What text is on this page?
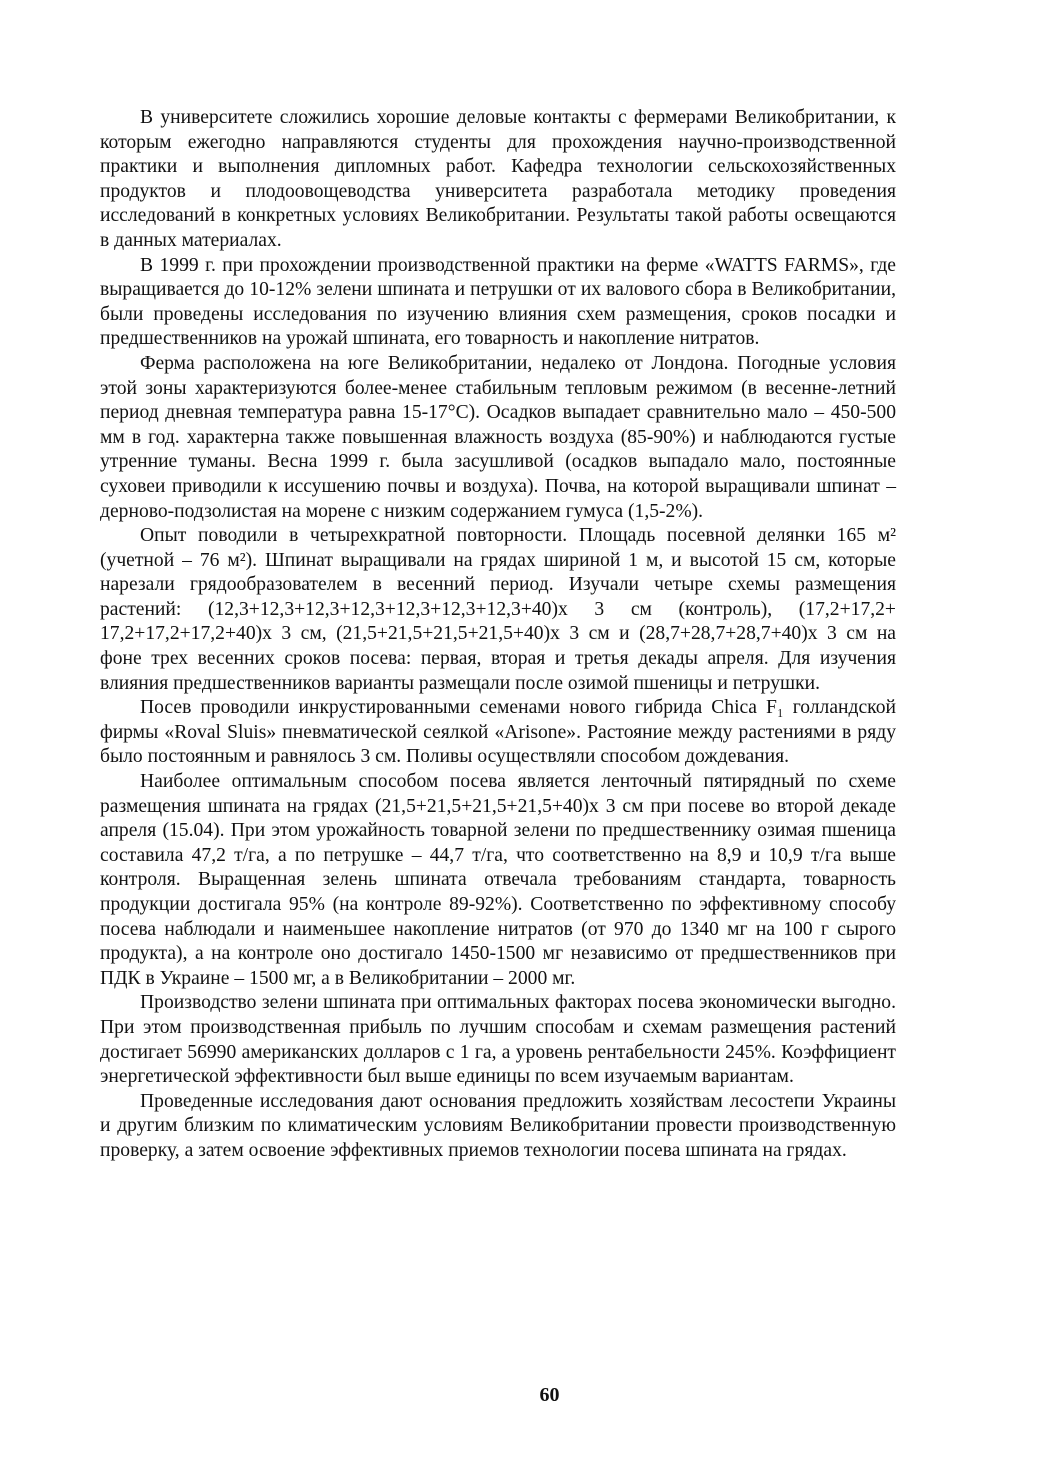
В университете сложились хорошие деловые контакты с фермерами Великобритании, к которым ежегодно направляются студенты для прохождения научно-производственной практики и выполнения дипломных работ. Кафедра технологии сельскохозяйственных продуктов и плодоовощеводства университета разработала методику проведения исследований в конкретных условиях Великобритании. Результаты такой работы освещаются в данных материалах.

В 1999 г. при прохождении производственной практики на ферме «WATTS FARMS», где выращивается до 10-12% зелени шпината и петрушки от их валового сбора в Великобритании, были проведены исследования по изучению влияния схем размещения, сроков посадки и предшественников на урожай шпината, его товарность и накопление нитратов.

Ферма расположена на юге Великобритании, недалеко от Лондона. Погодные условия этой зоны характеризуются более-менее стабильным тепловым режимом (в весенне-летний период дневная температура равна 15-17°С). Осадков выпадает сравнительно мало – 450-500 мм в год. характерна также повышенная влажность воздуха (85-90%) и наблюдаются густые утренние туманы. Весна 1999 г. была засушливой (осадков выпадало мало, постоянные суховеи приводили к иссушению почвы и воздуха). Почва, на которой выращивали шпинат – дерново-подзолистая на морене с низким содержанием гумуса (1,5-2%).

Опыт поводили в четырехкратной повторности. Площадь посевной делянки 165 м² (учетной – 76 м²). Шпинат выращивали на грядах шириной 1 м, и высотой 15 см, которые нарезали грядообразователем в весенний период. Изучали четыре схемы размещения растений: (12,3+12,3+12,3+12,3+12,3+12,3+12,3+40)х 3 см (контроль), (17,2+17,2+ 17,2+17,2+17,2+40)х 3 см, (21,5+21,5+21,5+21,5+40)х 3 см и (28,7+28,7+28,7+40)х 3 см на фоне трех весенних сроков посева: первая, вторая и третья декады апреля. Для изучения влияния предшественников варианты размещали после озимой пшеницы и петрушки.

Посев проводили инкрустированными семенами нового гибрида Chica F₁ голландской фирмы «Roval Sluis» пневматической сеялкой «Arisone». Растояние между растениями в ряду было постоянным и равнялось 3 см. Поливы осуществляли способом дождевания.

Наиболее оптимальным способом посева является ленточный пятирядный по схеме размещения шпината на грядах (21,5+21,5+21,5+21,5+40)х 3 см при посеве во второй декаде апреля (15.04). При этом урожайность товарной зелени по предшественнику озимая пшеница составила 47,2 т/га, а по петрушке – 44,7 т/га, что соответственно на 8,9 и 10,9 т/га выше контроля. Выращенная зелень шпината отвечала требованиям стандарта, товарность продукции достигала 95% (на контроле 89-92%). Соответственно по эффективному способу посева наблюдали и наименьшее накопление нитратов (от 970 до 1340 мг на 100 г сырого продукта), а на контроле оно достигало 1450-1500 мг независимо от предшественников при ПДК в Украине – 1500 мг, а в Великобритании – 2000 мг.

Производство зелени шпината при оптимальных факторах посева экономически выгодно. При этом производственная прибыль по лучшим способам и схемам размещения растений достигает 56990 американских долларов с 1 га, а уровень рентабельности 245%. Коэффициент энергетической эффективности был выше единицы по всем изучаемым вариантам.

Проведенные исследования дают основания предложить хозяйствам лесостепи Украины и другим близким по климатическим условиям Великобритании провести производственную проверку, а затем освоение эффективных приемов технологии посева шпината на грядах.

60
